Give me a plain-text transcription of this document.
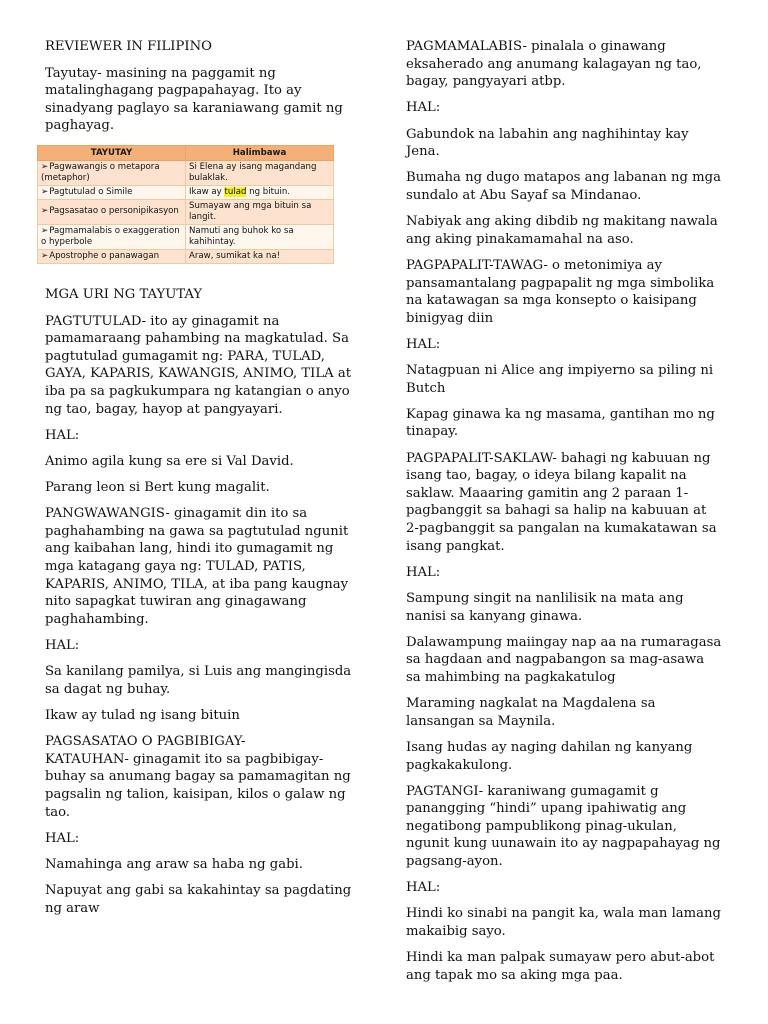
REVIEWER IN FILIPINO

Tayutay- masining na paggamit ng matalinghagang pagpapahayag. Ito ay sinadyang paglayo sa karaniawang gamit ng paghayag.

TAYUTAY	Halimbawa
➢Pagwawangis o metapora (metaphor)	Si Elena ay isang magandang bulaklak.
➢Pagtutulad o Simile	Ikaw ay tulad ng bituin.
➢Pagsasatao o personipikasyon	Sumayaw ang mga bituin sa langit.
➢Pagmamalabis o exaggeration o hyperbole	Namuti ang buhok ko sa kahihintay.
➢Apostrophe o panawagan	Araw, sumikat ka na!

MGA URI NG TAYUTAY

PAGTUTULAD- ito ay ginagamit na pamamaraang pahambing na magkatulad. Sa pagtutulad gumagamit ng: PARA, TULAD, GAYA, KAPARIS, KAWANGIS, ANIMO, TILA at iba pa sa pagkukumpara ng katangian o anyo ng tao, bagay, hayop at pangyayari.

HAL:

Animo agila kung sa ere si Val David.

Parang leon si Bert kung magalit.

PANGWAWANGIS- ginagamit din ito sa paghahambing na gawa sa pagtutulad ngunit ang kaibahan lang, hindi ito gumagamit ng mga katagang gaya ng: TULAD, PATIS, KAPARIS, ANIMO, TILA, at iba pang kaugnay nito sapagkat tuwiran ang ginagawang paghahambing.

HAL:

Sa kanilang pamilya, si Luis ang mangingisda sa dagat ng buhay.

Ikaw ay tulad ng isang bituin

PAGSASATAO O PAGBIBIGAY-
KATAUHAN- ginagamit ito sa pagbibigay-buhay sa anumang bagay sa pamamagitan ng pagsalin ng talion, kaisipan, kilos o galaw ng tao.

HAL:

Namahinga ang araw sa haba ng gabi.

Napuyat ang gabi sa kakahintay sa pagdating ng araw

PAGMAMALABIS- pinalala o ginawang eksaherado ang anumang kalagayan ng tao, bagay, pangyayari atbp.

HAL:

Gabundok na labahin ang naghihintay kay Jena.

Bumaha ng dugo matapos ang labanan ng mga sundalo at Abu Sayaf sa Mindanao.

Nabiyak ang aking dibdib ng makitang nawala ang aking pinakamamahal na aso.

PAGPAPALIT-TAWAG- o metonimiya ay pansamantalang pagpapalit ng mga simbolika na katawagan sa mga konsepto o kaisipang binigyag diin

HAL:

Natagpuan ni Alice ang impiyerno sa piling ni Butch

Kapag ginawa ka ng masama, gantihan mo ng tinapay.

PAGPAPALIT-SAKLAW- bahagi ng kabuuan ng isang tao, bagay, o ideya bilang kapalit na saklaw. Maaaring gamitin ang 2 paraan 1-pagbanggit sa bahagi sa halip na kabuuan at 2-pagbanggit sa pangalan na kumakatawan sa isang pangkat.

HAL:

Sampung singit na nanlilisik na mata ang nanisi sa kanyang ginawa.

Dalawampung maiingay nap aa na rumaragasa sa hagdaan and nagpabangon sa mag-asawa sa mahimbing na pagkakatulog

Maraming nagkalat na Magdalena sa lansangan sa Maynila.

Isang hudas ay naging dahilan ng kanyang pagkakakulong.

PAGTANGI- karaniwang gumagamit g panangging “hindi” upang ipahiwatig ang negatibong pampublikong pinag-ukulan, ngunit kung uunawain ito ay nagpapahayag ng pagsang-ayon.

HAL:

Hindi ko sinabi na pangit ka, wala man lamang makaibig sayo.

Hindi ka man palpak sumayaw pero abut-abot ang tapak mo sa aking mga paa.
